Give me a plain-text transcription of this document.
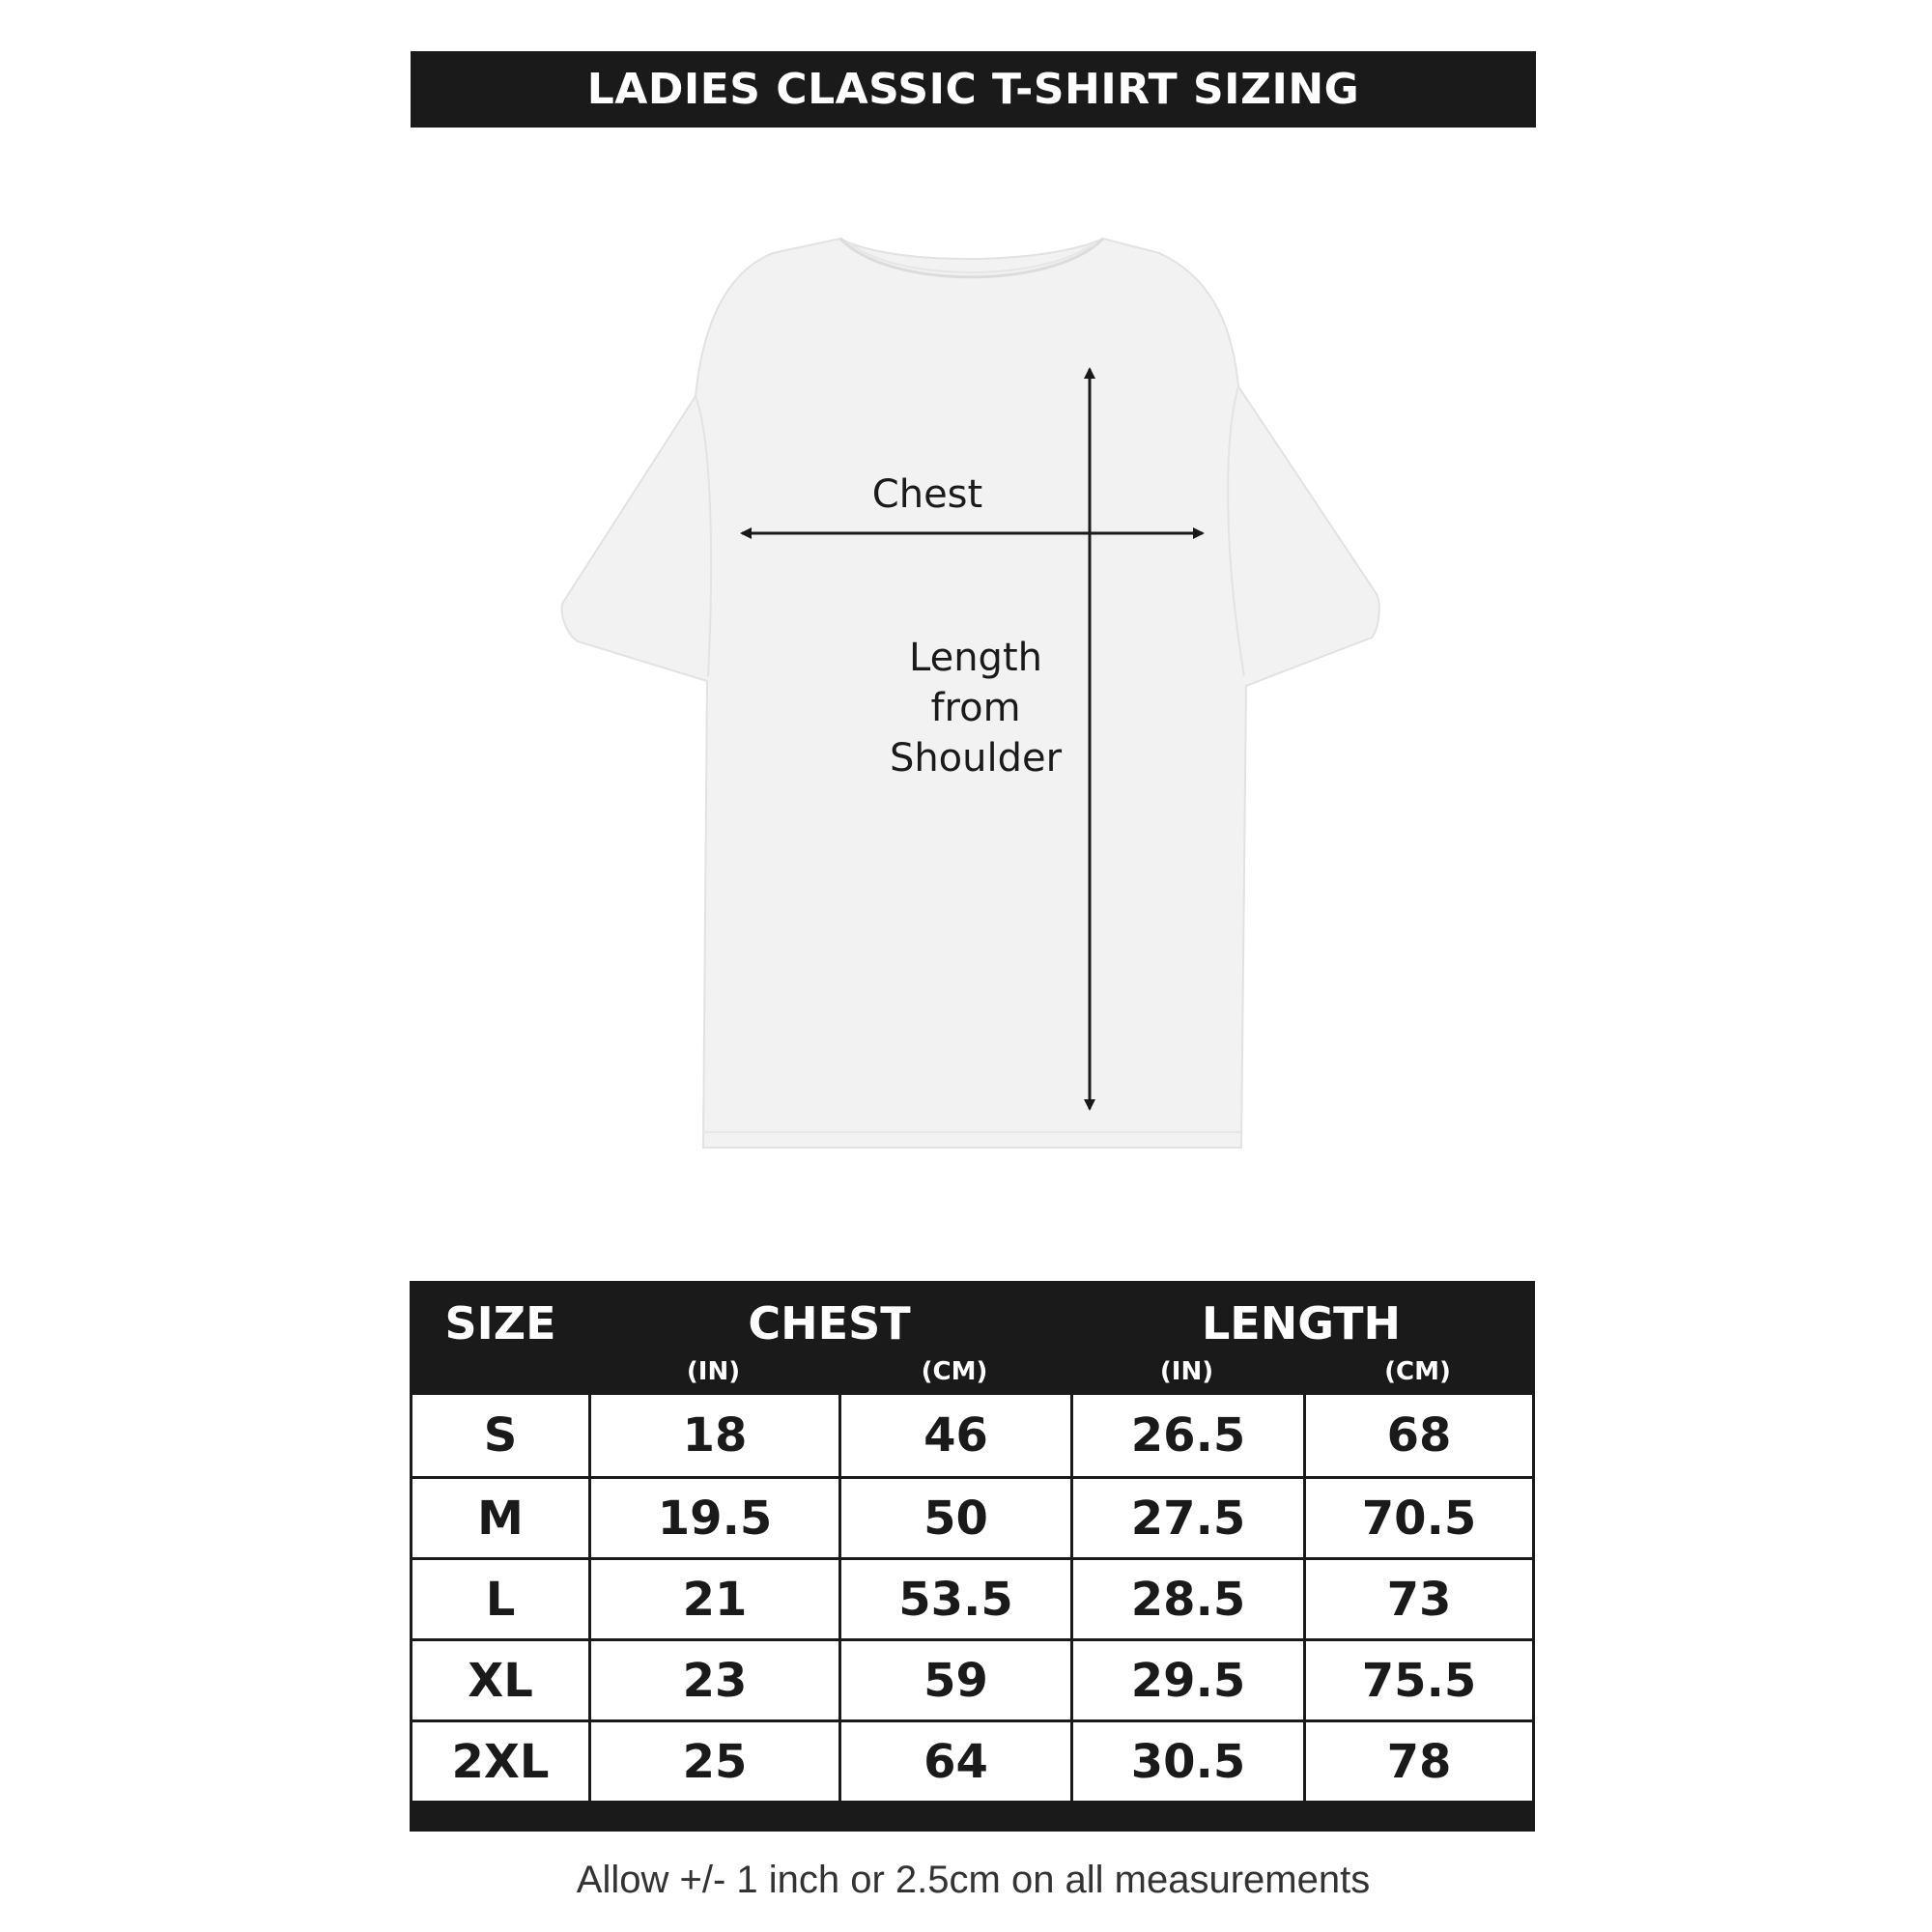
LADIES CLASSIC T-SHIRT SIZING
Chest
Length
from
Shoulder
SIZE	CHEST	LENGTH
(IN)	(CM)	(IN)	(CM)
S	18	46	26.5	68
M	19.5	50	27.5	70.5
L	21	53.5	28.5	73
XL	23	59	29.5	75.5
2XL	25	64	30.5	78
Allow +/- 1 inch or 2.5cm on all measurements
